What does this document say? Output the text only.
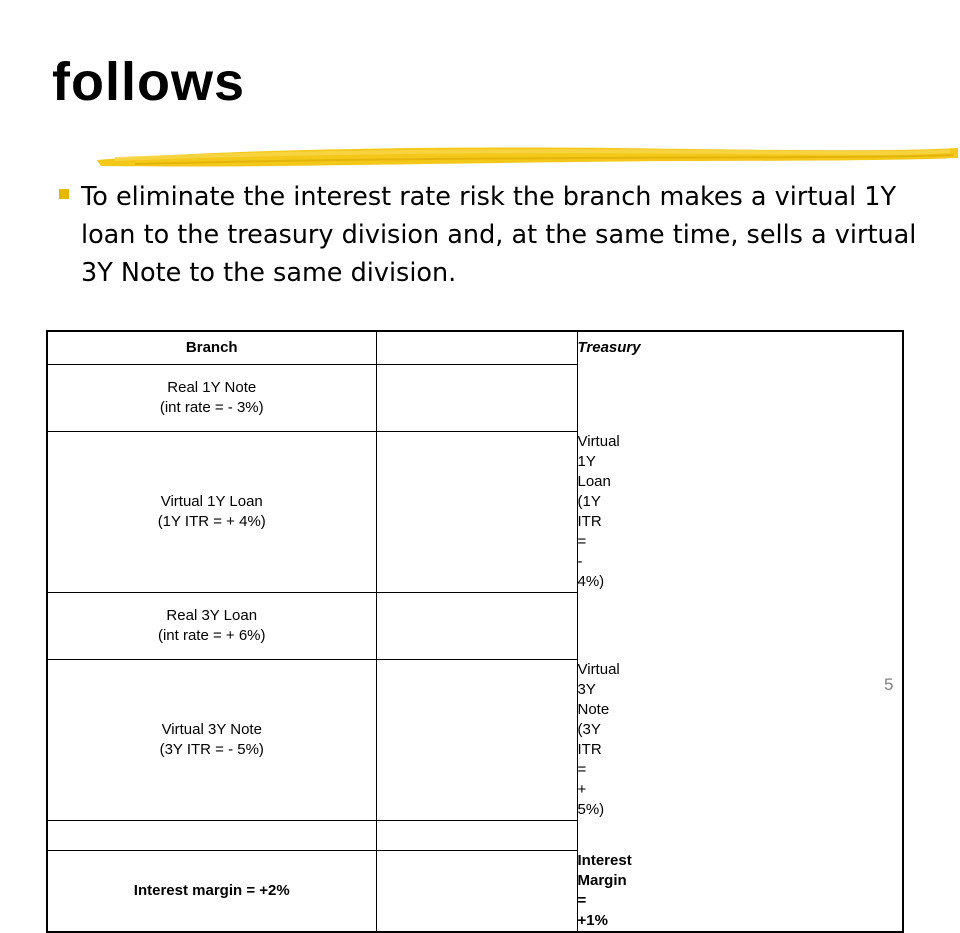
follows

To eliminate the interest rate risk the branch makes a virtual 1Y loan to the treasury division and, at the same time, sells a virtual 3Y Note to the same division.

Branch		Treasury

Real 1Y Note
(int rate = - 3%)		

Virtual 1Y Loan
(1Y ITR = + 4%)		Virtual 1Y Loan
(1Y ITR = - 4%)

Real 3Y Loan
(int rate = + 6%)		

Virtual 3Y Note
(3Y ITR = - 5%)		Virtual 3Y Note
(3Y ITR = + 5%)

Interest margin = +2%		Interest Margin = +1%
5
